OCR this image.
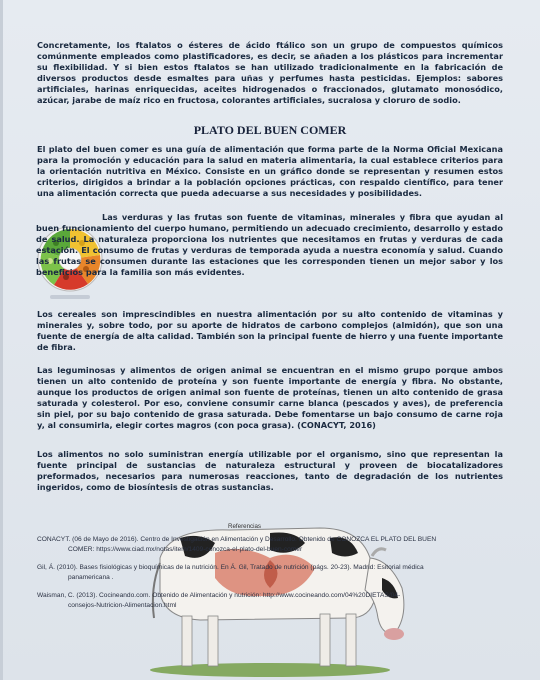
Concretamente, los ftalatos o ésteres de ácido ftálico son un grupo de compuestos químicos comúnmente empleados como plastificadores, es decir, se añaden a los plásticos para incrementar su flexibilidad. Y si bien estos ftalatos se han utilizado tradicionalmente en la fabricación de diversos productos desde esmaltes para uñas y perfumes hasta pesticidas. Ejemplos: sabores artificiales, harinas enriquecidas, aceites hidrogenados o fraccionados, glutamato monosódico, azúcar, jarabe de maíz rico en fructosa, colorantes artificiales, sucralosa y cloruro de sodio.

PLATO DEL BUEN COMER

El plato del buen comer es una guía de alimentación que forma parte de la Norma Oficial Mexicana para la promoción y educación para la salud en materia alimentaria, la cual establece criterios para la orientación nutritiva en México. Consiste en un gráfico donde se representan y resumen estos criterios, dirigidos a brindar a la población opciones prácticas, con respaldo científico, para tener una alimentación correcta que pueda adecuarse a sus necesidades y posibilidades.

Las verduras y las frutas son fuente de vitaminas, minerales y fibra que ayudan al buen funcionamiento del cuerpo humano, permitiendo un adecuado crecimiento, desarrollo y estado de salud. La naturaleza proporciona los nutrientes que necesitamos en frutas y verduras de cada estación. El consumo de frutas y verduras de temporada ayuda a nuestra economía y salud. Cuando las frutas se consumen durante las estaciones que les corresponden tienen un mejor sabor y los beneficios para la familia son más evidentes.

Los cereales son imprescindibles en nuestra alimentación por su alto contenido de vitaminas y minerales y, sobre todo, por su aporte de hidratos de carbono complejos (almidón), que son una fuente de energía de alta calidad. También son la principal fuente de hierro y una fuente importante de fibra.

Las leguminosas y alimentos de origen animal se encuentran en el mismo grupo porque ambos tienen un alto contenido de proteína y son fuente importante de energía y fibra. No obstante, aunque los productos de origen animal son fuente de proteínas, tienen un alto contenido de grasa saturada y colesterol. Por eso, conviene consumir carne blanca (pescados y aves), de preferencia sin piel, por su bajo contenido de grasa saturada. Debe fomentarse un bajo consumo de carne roja y, al consumirla, elegir cortes magros (con poca grasa). (CONACYT, 2016)

Los alimentos no solo suministran energía utilizable por el organismo, sino que representan la fuente principal de sustancias de naturaleza estructural y proveen de biocatalizadores preformados, necesarios para numerosas reacciones, tanto de degradación de los nutrientes ingeridos, como de biosíntesis de otras sustancias.

Referencias

CONACYT. (06 de Mayo de 2016). Centro de Investigación en Alimentación y Desarrollo. Obtenido de CONOZCA EL PLATO DEL BUEN
COMER: https://www.ciad.mx/notas/item/1409-conozca-el-plato-del-buen-comer

Gil, Á. (2010). Bases fisiológicas y bioquímicas de la nutrición. En Á. Gil, Tratado de nutrición (págs. 20-23). Madrid: Esitorial médica
panamericana .

Waisman, C. (2013). Cocineando.com. Obtenido de Alimentación y nutrición: http://www.cocineando.com/04%20DIETAS/04-
consejos-Nutricion-Alimentacion.html
